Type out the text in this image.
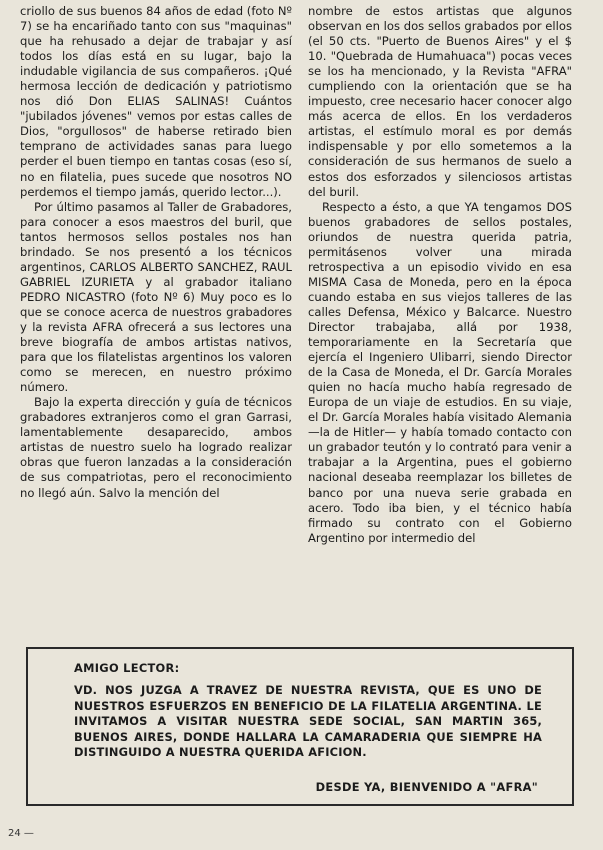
criollo de sus buenos 84 años de edad (foto Nº 7) se ha encariñado tanto con sus "maquinas" que ha rehusado a dejar de trabajar y así todos los días está en su lugar, bajo la indudable vigilancia de sus compañeros. ¡Qué hermosa lección de dedicación y patriotismo nos dió Don ELIAS SALINAS! Cuántos "jubilados jóvenes" vemos por estas calles de Dios, "orgullosos" de haberse retirado bien temprano de actividades sanas para luego perder el buen tiempo en tantas cosas (eso sí, no en filatelia, pues sucede que nosotros NO perdemos el tiempo jamás, querido lector...).

Por último pasamos al Taller de Grabadores, para conocer a esos maestros del buril, que tantos hermosos sellos postales nos han brindado. Se nos presentó a los técnicos argentinos, CARLOS ALBERTO SANCHEZ, RAUL GABRIEL IZURIETA y al grabador italiano PEDRO NICASTRO (foto Nº 6) Muy poco es lo que se conoce acerca de nuestros grabadores y la revista AFRA ofrecerá a sus lectores una breve biografía de ambos artistas nativos, para que los filatelistas argentinos los valoren como se merecen, en nuestro próximo número.

Bajo la experta dirección y guía de técnicos grabadores extranjeros como el gran Garrasi, lamentablemente desaparecido, ambos artistas de nuestro suelo ha logrado realizar obras que fueron lanzadas a la consideración de sus compatriotas, pero el reconocimiento no llegó aún. Salvo la mención del

nombre de estos artistas que algunos observan en los dos sellos grabados por ellos (el 50 cts. "Puerto de Buenos Aires" y el $ 10. "Quebrada de Humahuaca") pocas veces se los ha mencionado, y la Revista "AFRA" cumpliendo con la orientación que se ha impuesto, cree necesario hacer conocer algo más acerca de ellos. En los verdaderos artistas, el estímulo moral es por demás indispensable y por ello sometemos a la consideración de sus hermanos de suelo a estos dos esforzados y silenciosos artistas del buril.

Respecto a ésto, a que YA tengamos DOS buenos grabadores de sellos postales, oriundos de nuestra querida patria, permitásenos volver una mirada retrospectiva a un episodio vivido en esa MISMA Casa de Moneda, pero en la época cuando estaba en sus viejos talleres de las calles Defensa, México y Balcarce. Nuestro Director trabajaba, allá por 1938, temporariamente en la Secretaría que ejercía el Ingeniero Ulibarri, siendo Director de la Casa de Moneda, el Dr. García Morales quien no hacía mucho había regresado de Europa de un viaje de estudios. En su viaje, el Dr. García Morales había visitado Alemania —la de Hitler— y había tomado contacto con un grabador teutón y lo contrató para venir a trabajar a la Argentina, pues el gobierno nacional deseaba reemplazar los billetes de banco por una nueva serie grabada en acero. Todo iba bien, y el técnico había firmado su contrato con el Gobierno Argentino por intermedio del

AMIGO LECTOR:
VD. NOS JUZGA A TRAVEZ DE NUESTRA REVISTA, QUE ES UNO DE NUESTROS ESFUERZOS EN BENEFICIO DE LA FILATELIA ARGENTINA. LE INVITAMOS A VISITAR NUESTRA SEDE SOCIAL, SAN MARTIN 365, BUENOS AIRES, DONDE HALLARA LA CAMARADERIA QUE SIEMPRE HA DISTINGUIDO A NUESTRA QUERIDA AFICION.
DESDE YA, BIENVENIDO A "AFRA"
24 —
